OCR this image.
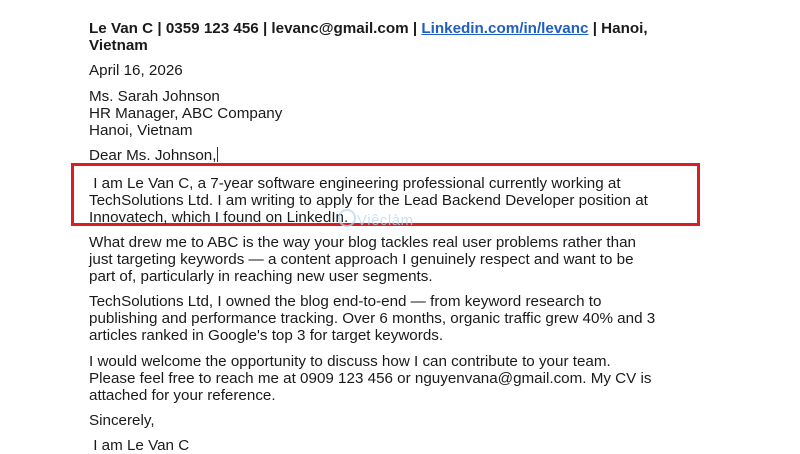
Le Van C | 0359 123 456 | levanc@gmail.com | Linkedin.com/in/levanc | Hanoi,
Vietnam
April 16, 2026
Ms. Sarah Johnson
HR Manager, ABC Company
Hanoi, Vietnam
Dear Ms. Johnson,
I am Le Van C, a 7-year software engineering professional currently working at
TechSolutions Ltd. I am writing to apply for the Lead Backend Developer position at
Innovatech, which I found on LinkedIn. Việclàm
What drew me to ABC is the way your blog tackles real user problems rather than
just targeting keywords — a content approach I genuinely respect and want to be
part of, particularly in reaching new user segments.
TechSolutions Ltd, I owned the blog end-to-end — from keyword research to
publishing and performance tracking. Over 6 months, organic traffic grew 40% and 3
articles ranked in Google's top 3 for target keywords.
I would welcome the opportunity to discuss how I can contribute to your team.
Please feel free to reach me at 0909 123 456 or nguyenvana@gmail.com. My CV is
attached for your reference.
Sincerely,
I am Le Van C
